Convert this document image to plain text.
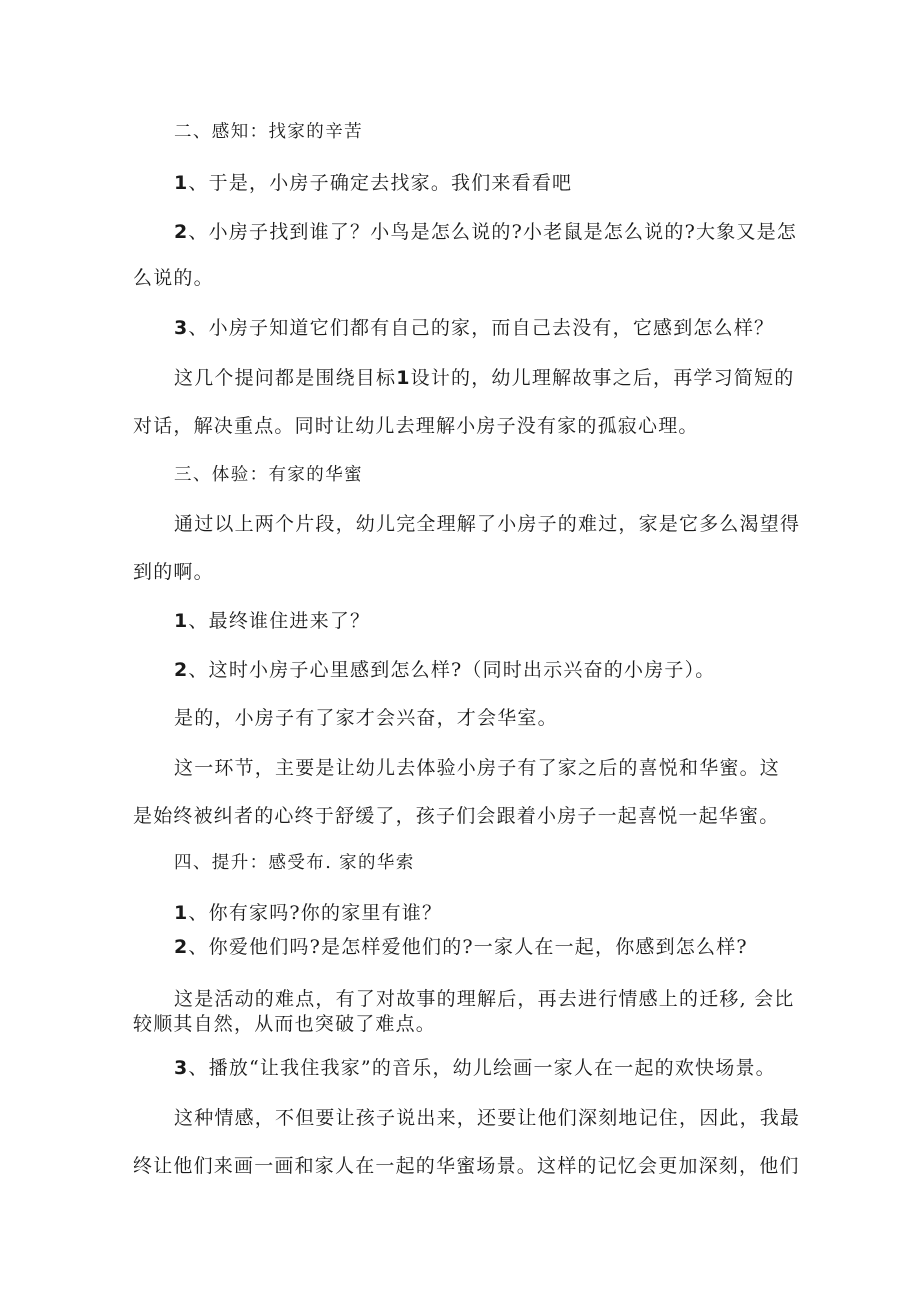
二、感知：找家的辛苦
1、于是，小房子确定去找家。我们来看看吧
2、小房子找到谁了？小鸟是怎么说的?小老鼠是怎么说的?大象又是怎
么说的。
3、小房子知道它们都有自己的家，而自己去没有，它感到怎么样？
这几个提问都是围绕目标1设计的，幼儿理解故事之后，再学习简短的
对话，解决重点。同时让幼儿去理解小房子没有家的孤寂心理。
三、体验：有家的华蜜
通过以上两个片段，幼儿完全理解了小房子的难过，家是它多么渴望得
到的啊。
1、最终谁住进来了？
2、这时小房子心里感到怎么样?（同时出示兴奋的小房子）。
是的，小房子有了家才会兴奋，才会华室。
这一环节，主要是让幼儿去体验小房子有了家之后的喜悦和华蜜。这
是始终被纠者的心终于舒缓了，孩子们会跟着小房子一起喜悦一起华蜜。
四、提升：感受布. 家的华索
1、你有家吗?你的家里有谁？
2、你爱他们吗?是怎样爱他们的?一家人在一起，你感到怎么样?
这是活动的难点，有了对故事的理解后，再去进行情感上的迁移, 会比
较顺其自然，从而也突破了难点。
3、播放“让我住我家”的音乐，幼儿绘画一家人在一起的欢快场景。
这种情感，不但要让孩子说出来，还要让他们深刻地记住，因此，我最
终让他们来画一画和家人在一起的华蜜场景。这样的记忆会更加深刻，他们
